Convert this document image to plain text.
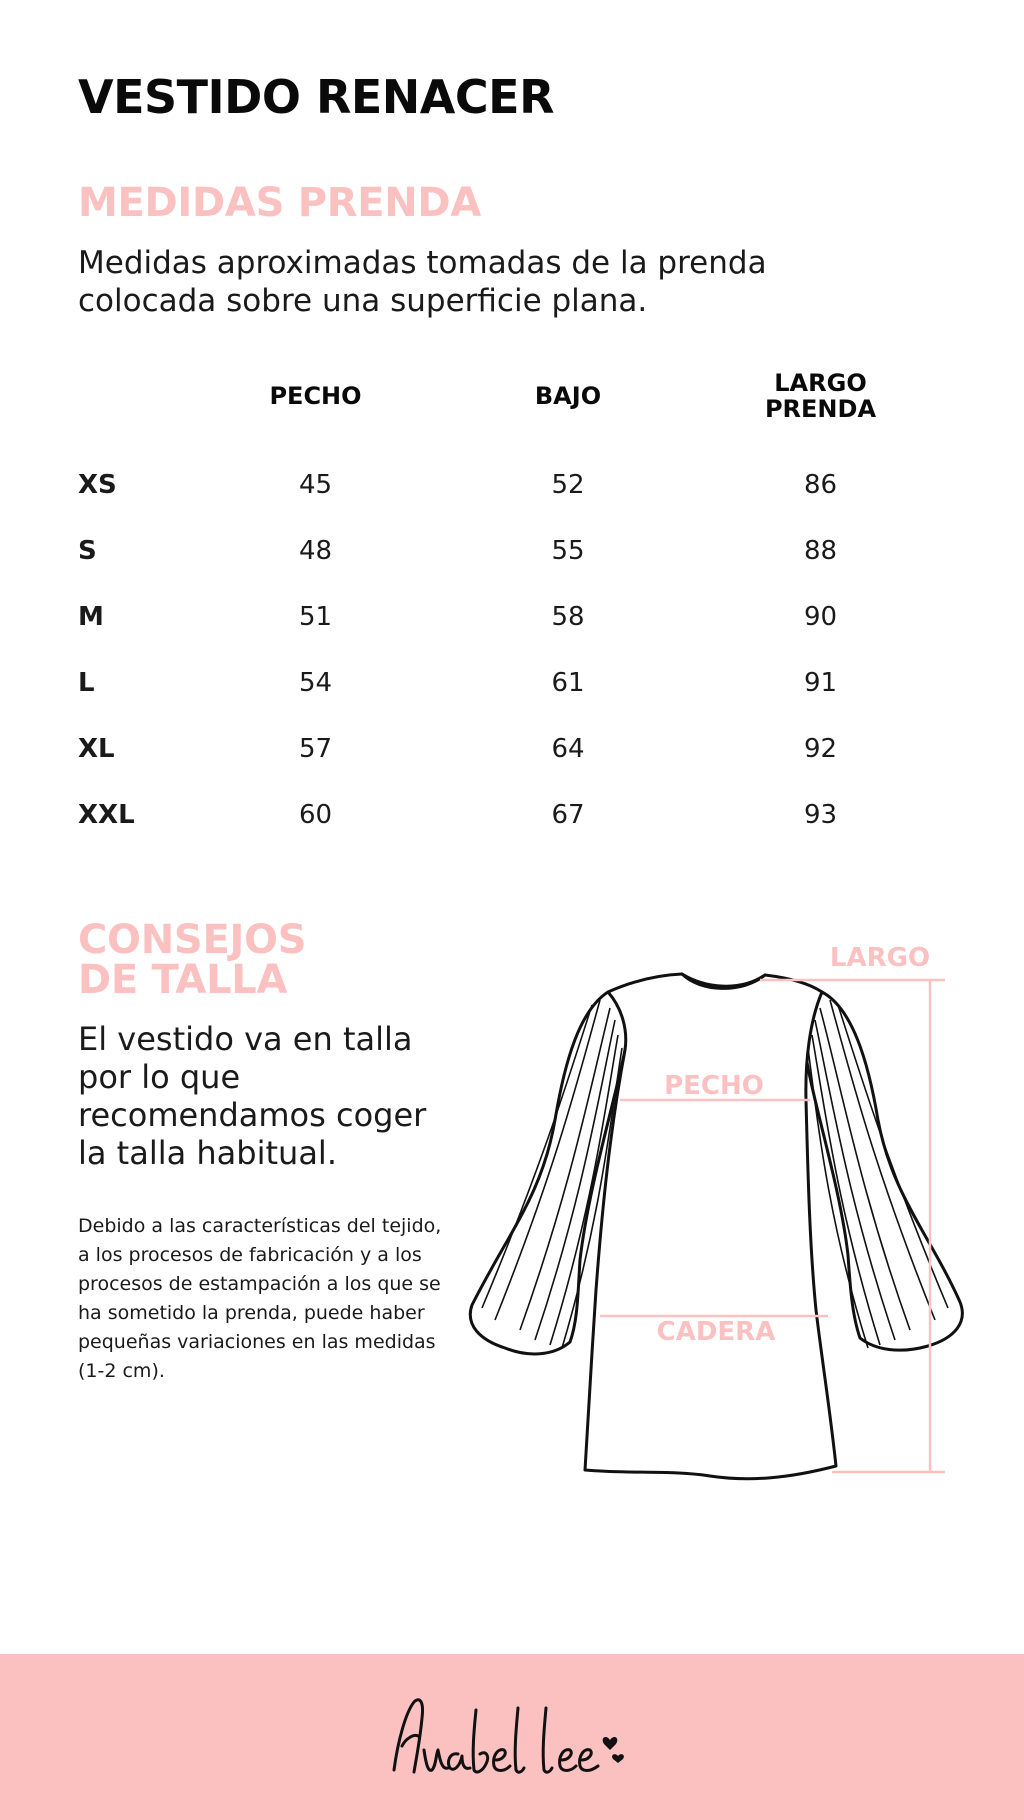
VESTIDO RENACER
MEDIDAS PRENDA

Medidas aproximadas tomadas de la prenda colocada sobre una superficie plana.

	PECHO	BAJO	LARGO PRENDA

XS	45	52	86
S	48	55	88
M	51	58	90
L	54	61	91
XL	57	64	92
XXL	60	67	93
CONSEJOS
DE TALLA

El vestido va en talla por lo que recomendamos coger la talla habitual.

Debido a las características del tejido, a los procesos de fabricación y a los procesos de estampación a los que se ha sometido la prenda, puede haber pequeñas variaciones en las medidas (1-2 cm).

LARGO
PECHO
CADERA
